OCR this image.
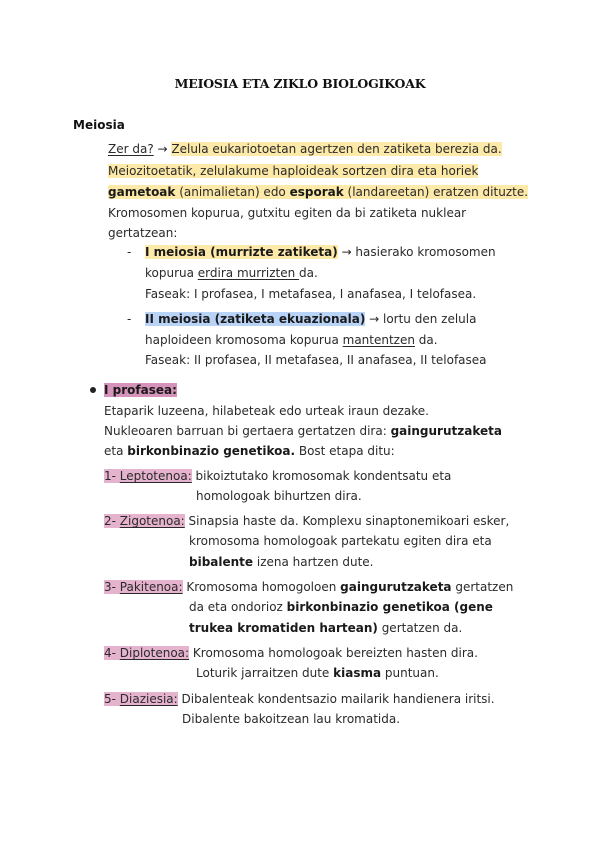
MEIOSIA ETA ZIKLO BIOLOGIKOAK
Meiosia
Zer da? → Zelula eukariotoetan agertzen den zatiketa berezia da.
Meiozitoetatik, zelulakume haploideak sortzen dira eta horiek
gametoak (animalietan) edo esporak (landareetan) eratzen dituzte.
Kromosomen kopurua, gutxitu egiten da bi zatiketa nuklear
gertatzean:
- I meiosia (murrizte zatiketa) → hasierako kromosomen
kopurua erdira murrizten da.
Faseak: I profasea, I metafasea, I anafasea, I telofasea.
- II meiosia (zatiketa ekuazionala) → lortu den zelula
haploideen kromosoma kopurua mantentzen da.
Faseak: II profasea, II metafasea, II anafasea, II telofasea
I profasea:
Etaparik luzeena, hilabeteak edo urteak iraun dezake.
Nukleoaren barruan bi gertaera gertatzen dira: gaingurutzaketa
eta birkonbinazio genetikoa. Bost etapa ditu:
1- Leptotenoa: bikoiztutako kromosomak kondentsatu eta
homologoak bihurtzen dira.
2- Zigotenoa: Sinapsia haste da. Komplexu sinaptonemikoari esker,
kromosoma homologoak partekatu egiten dira eta
bibalente izena hartzen dute.
3- Pakitenoa: Kromosoma homogoloen gaingurutzaketa gertatzen
da eta ondorioz birkonbinazio genetikoa (gene
trukea kromatiden hartean) gertatzen da.
4- Diplotenoa: Kromosoma homologoak bereizten hasten dira.
Loturik jarraitzen dute kiasma puntuan.
5- Diaziesia: Dibalenteak kondentsazio mailarik handienera iritsi.
Dibalente bakoitzean lau kromatida.
